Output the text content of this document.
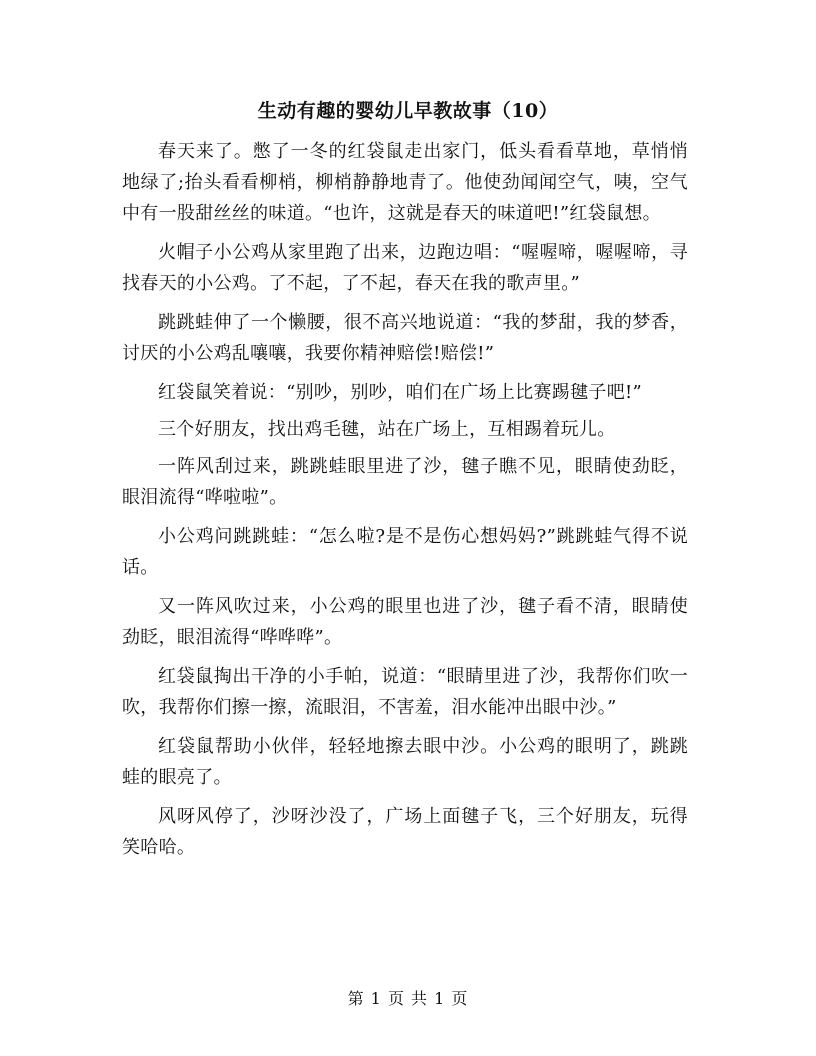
生动有趣的婴幼儿早教故事（10）

春天来了。憋了一冬的红袋鼠走出家门，低头看看草地，草悄悄地绿了;抬头看看柳梢，柳梢静静地青了。他使劲闻闻空气，咦，空气中有一股甜丝丝的味道。“也许，这就是春天的味道吧!”红袋鼠想。

火帽子小公鸡从家里跑了出来，边跑边唱：“喔喔啼，喔喔啼，寻找春天的小公鸡。了不起，了不起，春天在我的歌声里。”

跳跳蛙伸了一个懒腰，很不高兴地说道：“我的梦甜，我的梦香，讨厌的小公鸡乱嚷嚷，我要你精神赔偿!赔偿!”

红袋鼠笑着说：“别吵，别吵，咱们在广场上比赛踢毽子吧!”

三个好朋友，找出鸡毛毽，站在广场上，互相踢着玩儿。

一阵风刮过来，跳跳蛙眼里进了沙，毽子瞧不见，眼睛使劲眨，眼泪流得“哗啦啦”。

小公鸡问跳跳蛙：“怎么啦?是不是伤心想妈妈?”跳跳蛙气得不说话。

又一阵风吹过来，小公鸡的眼里也进了沙，毽子看不清，眼睛使劲眨，眼泪流得“哗哗哗”。

红袋鼠掏出干净的小手帕，说道：“眼睛里进了沙，我帮你们吹一吹，我帮你们擦一擦，流眼泪，不害羞，泪水能冲出眼中沙。”

红袋鼠帮助小伙伴，轻轻地擦去眼中沙。小公鸡的眼明了，跳跳蛙的眼亮了。

风呀风停了，沙呀沙没了，广场上面毽子飞，三个好朋友，玩得笑哈哈。

第 1 页 共 1 页
